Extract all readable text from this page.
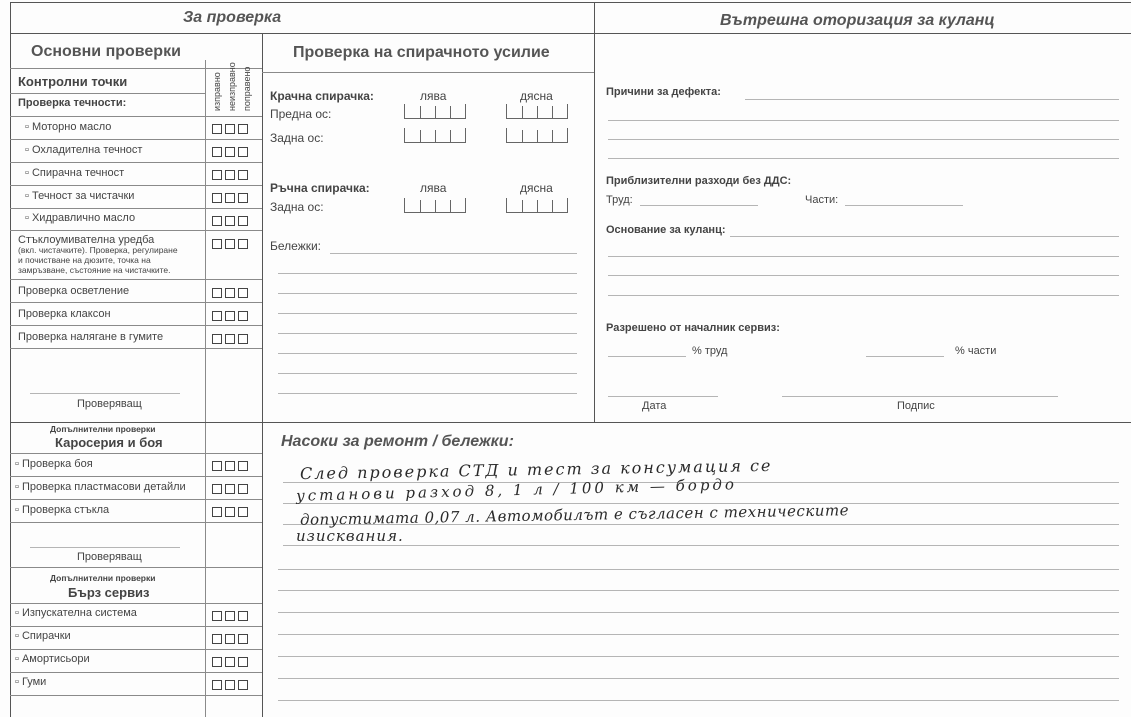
За проверка	Вътрешна оторизация за куланц
Основни проверки
Контролни точки	изправно неизправно поправено
Проверка течности:
▫ Моторно масло
▫ Охладителна течност
▫ Спирачна течност
▫ Течност за чистачки
▫ Хидравлично масло
Стъклоумивателна уредба
(вкл. чистачките). Проверка, регулиране
и почистване на дюзите, точка на
замръзване, състояние на чистачките.
Проверка осветление
Проверка клаксон
Проверка налягане в гумите
Проверяващ
Допълнителни проверки
Каросерия и боя
▫ Проверка боя
▫ Проверка пластмасови детайли
▫ Проверка стъкла
Проверяващ
Допълнителни проверки
Бърз сервиз
▫ Изпускателна система
▫ Спирачки
▫ Амортисьори
▫ Гуми
Проверка на спирачното усилие
Крачна спирачка:	лява	дясна
Предна ос:
Задна ос:
Ръчна спирачка:	лява	дясна
Задна ос:
Бележки:
Причини за дефекта:
Приблизителни разходи без ДДС:
Труд:	Части:
Основание за куланц:
Разрешено от началник сервиз:
% труд	% части
Дата	Подпис
Насоки за ремонт / бележки:
След проверка СТД и тест за консумация се
установи разход 8, 1 л / 100 км — бордо
допустимата 0,07 л. Автомобилът е съгласен с техническите
изисквания.
